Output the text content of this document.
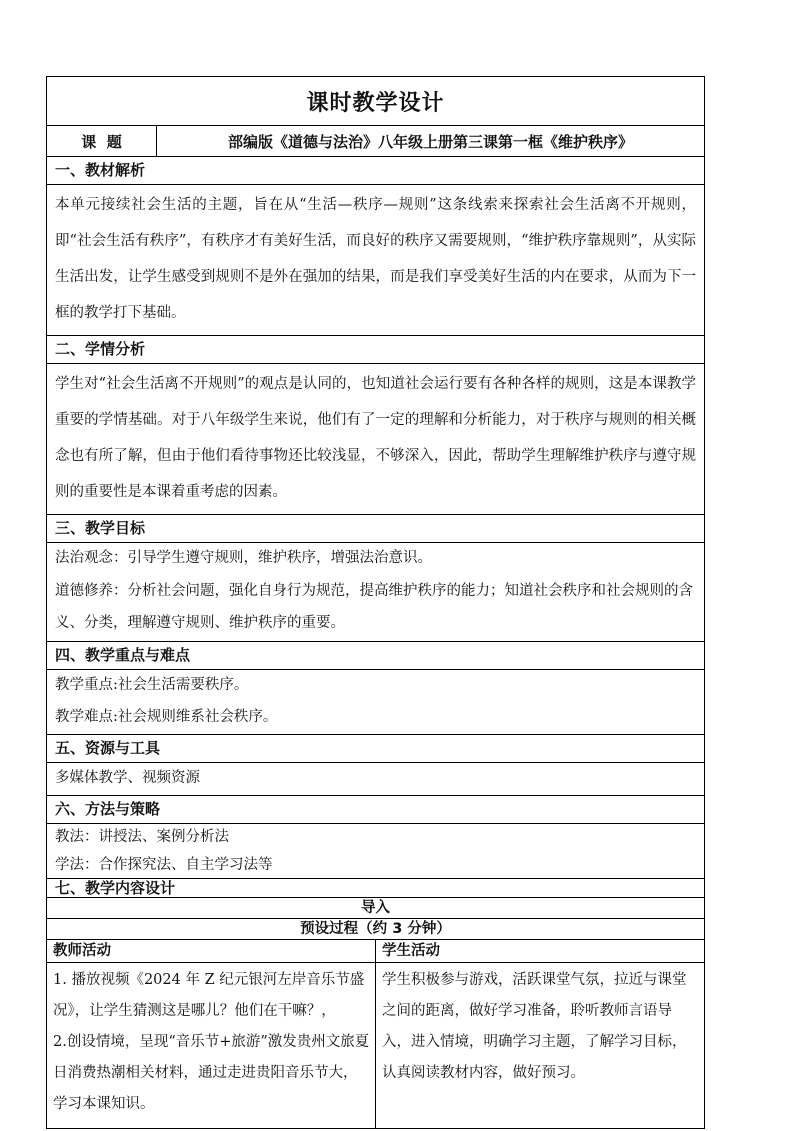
课时教学设计		
课  题	部编版《道德与法治》八年级上册第三课第一框《维护秩序》	
一、教材解析		
本单元接续社会生活的主题，旨在从“生活—秩序—规则”这条线索来探索社会生活离不开规则，即“社会生活有秩序”，有秩序才有美好生活，而良好的秩序又需要规则，“维护秩序靠规则”，从实际生活出发，让学生感受到规则不是外在强加的结果，而是我们享受美好生活的内在要求，从而为下一框的教学打下基础。		
二、学情分析		
学生对“社会生活离不开规则”的观点是认同的，也知道社会运行要有各种各样的规则，这是本课教学重要的学情基础。对于八年级学生来说，他们有了一定的理解和分析能力，对于秩序与规则的相关概念也有所了解，但由于他们看待事物还比较浅显，不够深入，因此，帮助学生理解维护秩序与遵守规则的重要性是本课着重考虑的因素。		
三、教学目标		

法治观念：引导学生遵守规则，维护秩序，增强法治意识。
道德修养：分析社会问题，强化自身行为规范，提高维护秩序的能力；知道社会秩序和社会规则的含义、分类，理解遵守规则、维护秩序的重要。		

四、教学重点与难点		

教学重点:社会生活需要秩序。
教学难点:社会规则维系社会秩序。		

五、资源与工具		

多媒体教学、视频资源		

六、方法与策略		

教法：讲授法、案例分析法
学法：合作探究法、自主学习法等		

七、教学内容设计		
导入		
预设过程（约 3 分钟）		
教师活动		学生活动

1. 播放视频《2024 年 Z 纪元银河左岸音乐节盛况》，让学生猜测这是哪儿？他们在干嘛？，

2.创设情境，呈现“音乐节+旅游”激发贵州文旅夏日消费热潮相关材料，通过走进贵阳音乐节大，学习本课知识。		学生积极参与游戏，活跃课堂气氛，拉近与课堂之间的距离，做好学习准备，聆听教师言语导入，进入情境，明确学习主题，了解学习目标，认真阅读教材内容，做好预习。
